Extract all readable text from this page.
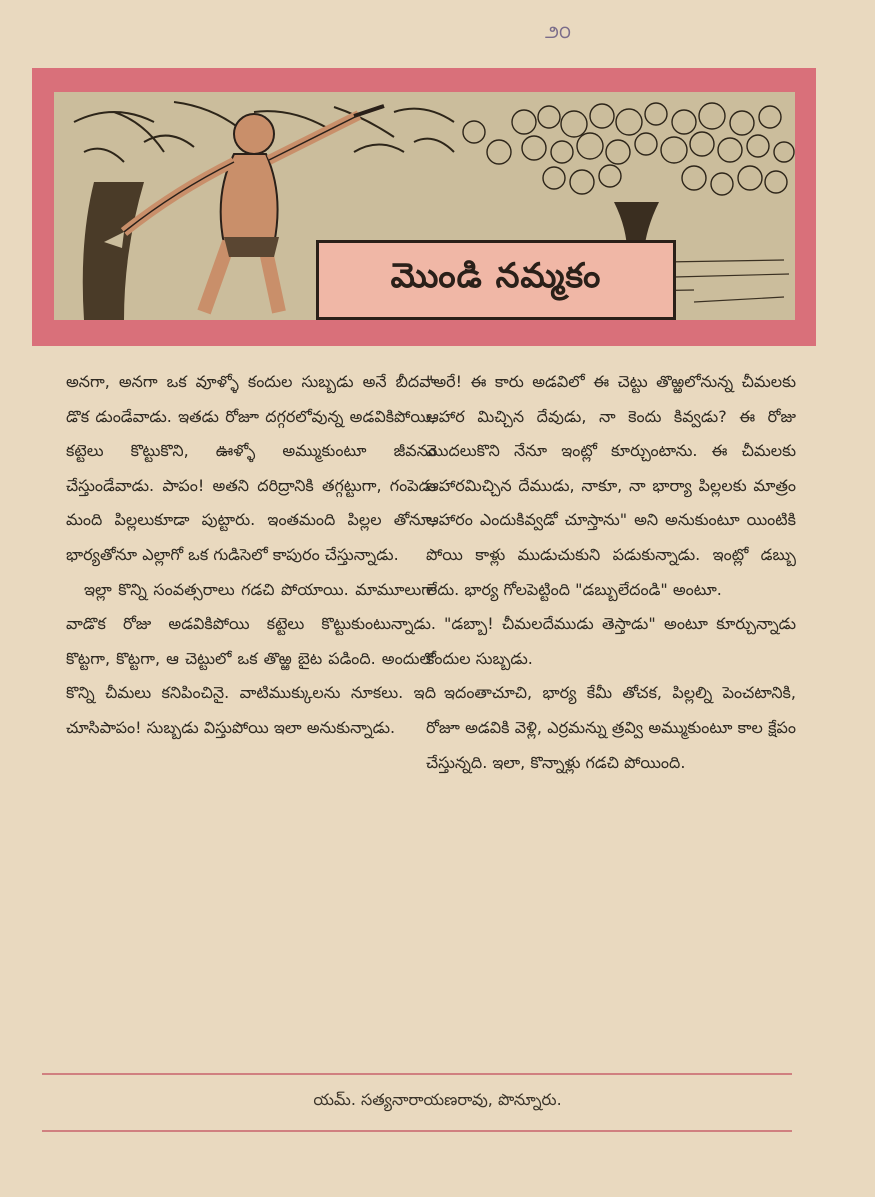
౨౦
మొండి నమ్మకం

అనగా, అనగా ఒక వూళ్ళో కందుల సుబ్బడు అనే బీదవా డొక డుండేవాడు. ఇతడు రోజూ దగ్గరలోవున్న అడవికిపోయి, కట్టెలు కొట్టుకొని, ఊళ్ళో అమ్ముకుంటూ జీవనం చేస్తుండేవాడు. పాపం! అతని దరిద్రానికి తగ్గట్టుగా, గంపెడు మంది పిల్లలుకూడా పుట్టారు. ఇంతమంది పిల్లల తోనూ, భార్యతోనూ ఎల్లాగో ఒక గుడిసెలో కాపురం చేస్తున్నాడు.

ఇల్లా కొన్ని సంవత్సరాలు గడచి పోయాయి. మామూలుగా వాడొక రోజు అడవికిపోయి కట్టెలు కొట్టుకుంటున్నాడు. కొట్టగా, కొట్టగా, ఆ చెట్టులో ఒక తొఱ్ఱ బైట పడింది. అందులో కొన్ని చీమలు కనిపించినై. వాటిముక్కులను నూకలు. ఇది చూసిపాపం! సుబ్బడు విస్తుపోయి ఇలా అనుకున్నాడు.

"అరే! ఈ కారు అడవిలో ఈ చెట్టు తొఱ్ఱలోనున్న చీమలకు ఆహార మిచ్చిన దేవుడు, నా కెందు కివ్వడు? ఈ రోజు మొదలుకొని నేనూ ఇంట్లో కూర్చుంటాను. ఈ చీమలకు ఆహారమిచ్చిన దేముడు, నాకూ, నా భార్యా పిల్లలకు మాత్రం ఆహారం ఎందుకివ్వడో చూస్తాను" అని అనుకుంటూ యింటికి పోయి కాళ్లు ముడుచుకుని పడుకున్నాడు. ఇంట్లో డబ్బు లేదు. భార్య గోలపెట్టింది "డబ్బులేదండి" అంటూ.

"డబ్బా! చీమలదేముడు తెస్తాడు" అంటూ కూర్చున్నాడు కందుల సుబ్బడు.

ఇదంతాచూచి, భార్య కేమీ తోచక, పిల్లల్ని పెంచటానికి, రోజూ అడవికి వెళ్లి, ఎర్రమన్ను త్రవ్వి అమ్ముకుంటూ కాల క్షేపం చేస్తున్నది. ఇలా, కొన్నాళ్లు గడచి పోయింది.

యమ్. సత్యనారాయణరావు, పొన్నూరు.
